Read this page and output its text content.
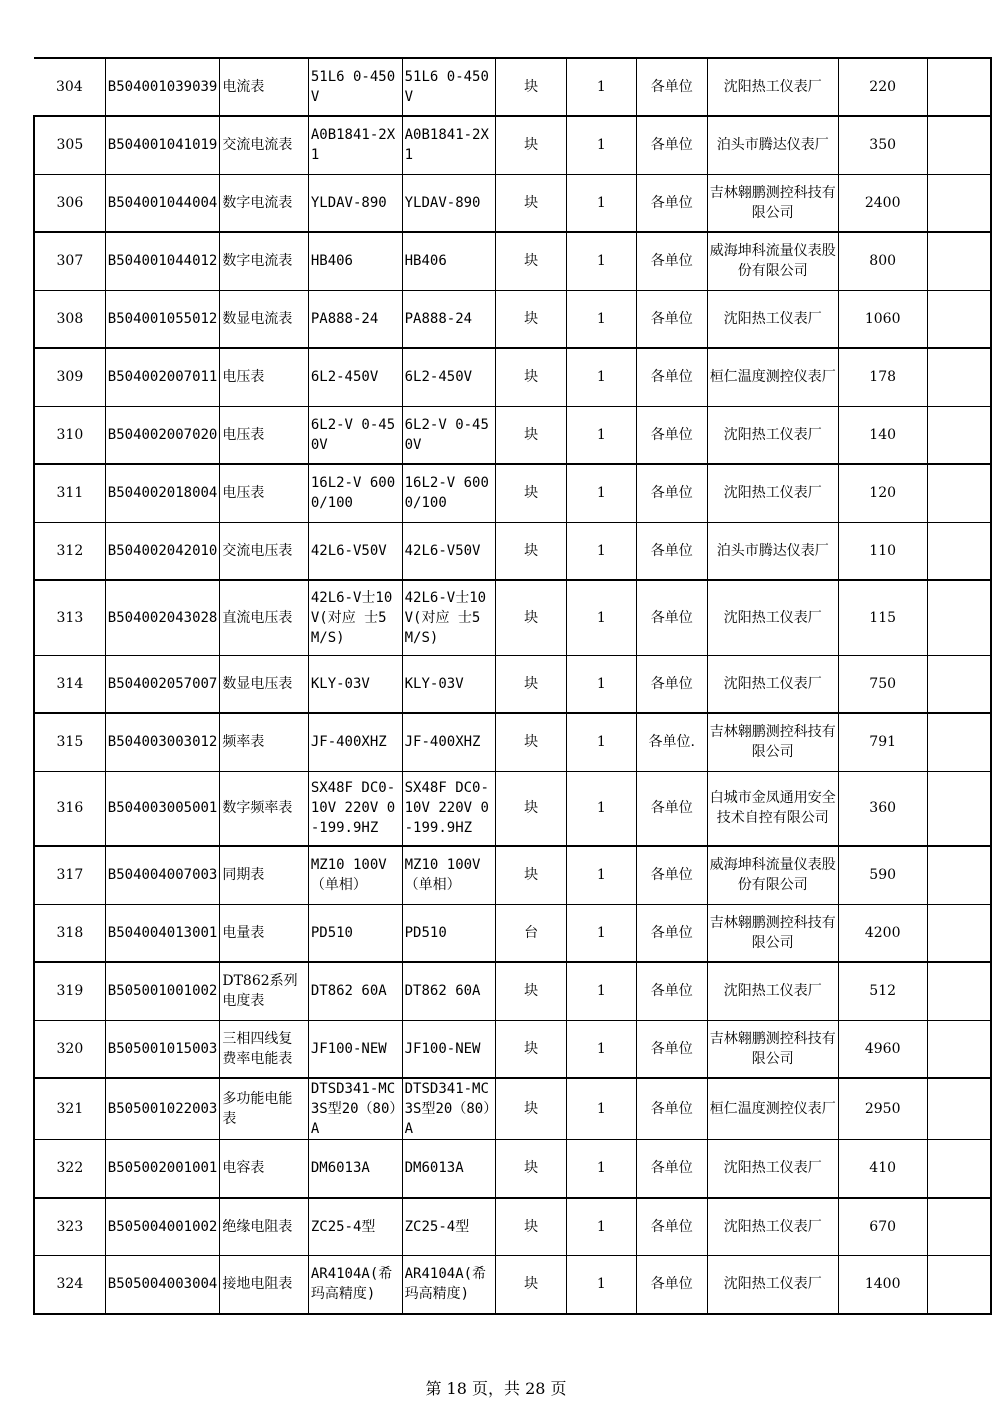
304	B504001039039	电流表	51L6 0-450V	51L6 0-450V	块	1	各单位	沈阳热工仪表厂	220	
305	B504001041019	交流电流表	A0B1841-2X1	A0B1841-2X1	块	1	各单位	泊头市腾达仪表厂	350	
306	B504001044004	数字电流表	YLDAV-890	YLDAV-890	块	1	各单位	吉林翱鹏测控科技有限公司	2400	
307	B504001044012	数字电流表	HB406	HB406	块	1	各单位	威海坤科流量仪表股份有限公司	800	
308	B504001055012	数显电流表	PA888-24	PA888-24	块	1	各单位	沈阳热工仪表厂	1060	
309	B504002007011	电压表	6L2-450V	6L2-450V	块	1	各单位	桓仁温度测控仪表厂	178	
310	B504002007020	电压表	6L2-V 0-450V	6L2-V 0-450V	块	1	各单位	沈阳热工仪表厂	140	
311	B504002018004	电压表	16L2-V 6000/100	16L2-V 6000/100	块	1	各单位	沈阳热工仪表厂	120	
312	B504002042010	交流电压表	42L6-V50V	42L6-V50V	块	1	各单位	泊头市腾达仪表厂	110	
313	B504002043028	直流电压表	42L6-V士10V(对应 士5M/S)	42L6-V士10V(对应 士5M/S)	块	1	各单位	沈阳热工仪表厂	115	
314	B504002057007	数显电压表	KLY-03V	KLY-03V	块	1	各单位	沈阳热工仪表厂	750	
315	B504003003012	频率表	JF-400XHZ	JF-400XHZ	块	1	各单位.	吉林翱鹏测控科技有限公司	791	
316	B504003005001	数字频率表	SX48F DC0-10V 220V 0-199.9HZ	SX48F DC0-10V 220V 0-199.9HZ	块	1	各单位	白城市金凤通用安全技术自控有限公司	360	
317	B504004007003	同期表	MZ10 100V （单相）	MZ10 100V （单相）	块	1	各单位	威海坤科流量仪表股份有限公司	590	
318	B504004013001	电量表	PD510	PD510	台	1	各单位	吉林翱鹏测控科技有限公司	4200	
319	B505001001002	DT862系列电度表	DT862 60A	DT862 60A	块	1	各单位	沈阳热工仪表厂	512	
320	B505001015003	三相四线复费率电能表	JF100-NEW	JF100-NEW	块	1	各单位	吉林翱鹏测控科技有限公司	4960	
321	B505001022003	多功能电能表	DTSD341-MC3S型20（80）A	DTSD341-MC3S型20（80）A	块	1	各单位	桓仁温度测控仪表厂	2950	
322	B505002001001	电容表	DM6013A	DM6013A	块	1	各单位	沈阳热工仪表厂	410	
323	B505004001002	绝缘电阻表	ZC25-4型	ZC25-4型	块	1	各单位	沈阳热工仪表厂	670	
324	B505004003004	接地电阻表	AR4104A(希玛高精度)	AR4104A(希玛高精度)	块	1	各单位	沈阳热工仪表厂	1400	
第 18 页，共 28 页
